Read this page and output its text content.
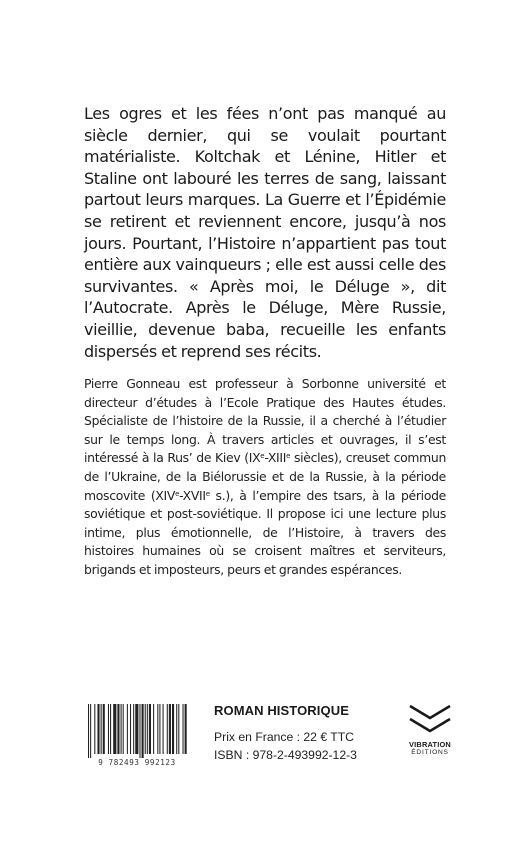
Les ogres et les fées n’ont pas manqué au siècle dernier, qui se voulait pourtant matérialiste. Koltchak et Lénine, Hitler et Staline ont labouré les terres de sang, laissant partout leurs marques. La Guerre et l’Épidémie se retirent et reviennent encore, jusqu’à nos jours. Pourtant, l’Histoire n’appartient pas tout entière aux vainqueurs ; elle est aussi celle des survivantes. « Après moi, le Déluge », dit l’Autocrate. Après le Déluge, Mère Russie, vieillie, devenue baba, recueille les enfants dispersés et reprend ses récits.
Pierre Gonneau est professeur à Sorbonne université et directeur d’études à l’Ecole Pratique des Hautes études. Spécialiste de l’histoire de la Russie, il a cherché à l’étudier sur le temps long. À travers articles et ouvrages, il s’est intéressé à la Rus’ de Kiev (IXe-XIIIe siècles), creuset commun de l’Ukraine, de la Biélorussie et de la Russie, à la période moscovite (XIVe-XVIIe s.), à l’empire des tsars, à la période soviétique et post-soviétique. Il propose ici une lecture plus intime, plus émotionnelle, de l’Histoire, à travers des histoires humaines où se croisent maîtres et serviteurs, brigands et imposteurs, peurs et grandes espérances.
9 782493 992123
ROMAN HISTORIQUE
Prix en France : 22 € TTC
ISBN : 978-2-493992-12-3
VIBRATION
ÉDITIONS
